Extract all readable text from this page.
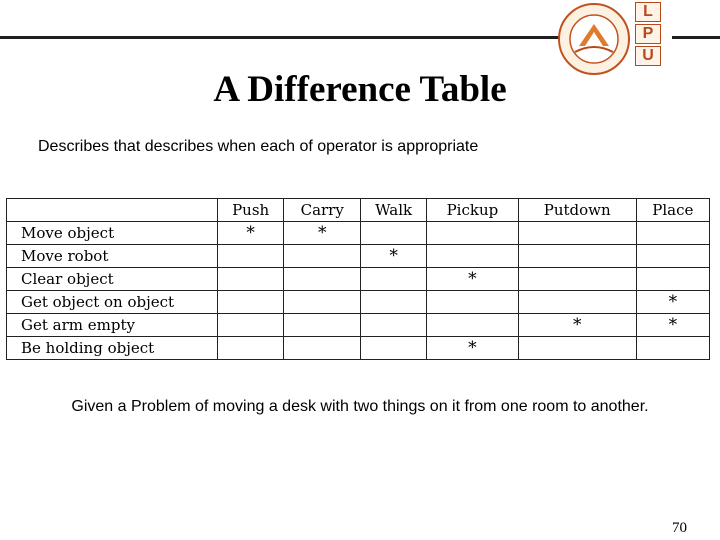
L
P
U
A Difference Table
Describes that describes when each of operator is appropriate
	Push	Carry	Walk	Pickup	Putdown	Place
Move object	*	*				
Move robot			*			
Clear object				*		
Get object on object						*
Get arm empty					*	*
Be holding object				*		
Given a Problem of moving a desk with two things on it from one room to another.
70
